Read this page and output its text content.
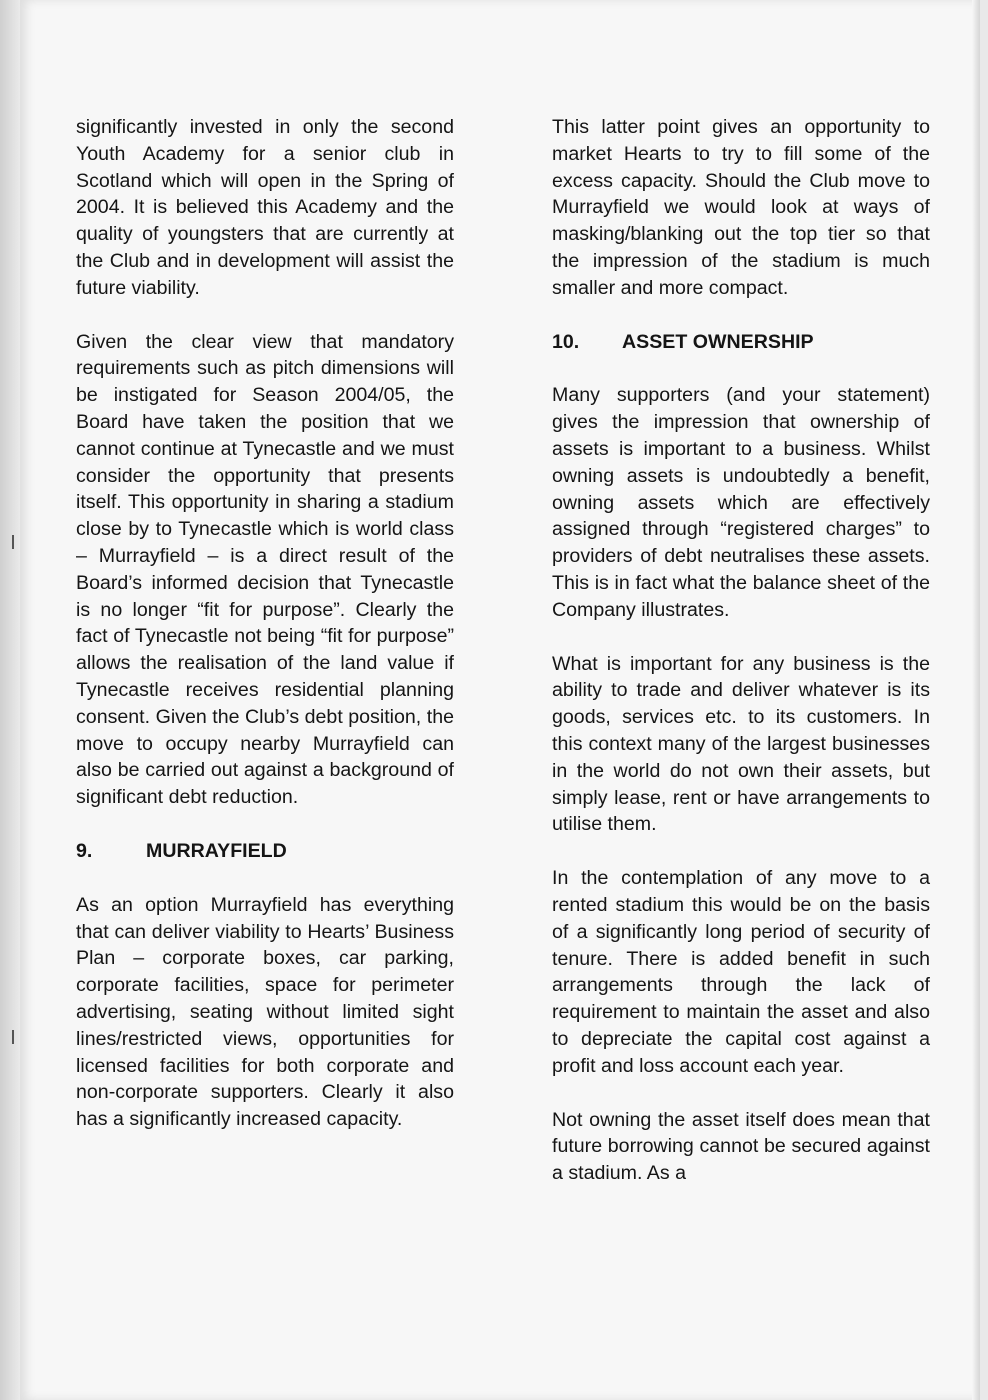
significantly invested in only the second Youth Academy for a senior club in Scotland which will open in the Spring of 2004. It is believed this Academy and the quality of youngsters that are currently at the Club and in development will assist the future viability.

Given the clear view that mandatory requirements such as pitch dimensions will be instigated for Season 2004/05, the Board have taken the position that we cannot continue at Tynecastle and we must consider the opportunity that presents itself. This opportunity in sharing a stadium close by to Tynecastle which is world class – Murrayfield – is a direct result of the Board’s informed decision that Tynecastle is no longer “fit for purpose”. Clearly the fact of Tynecastle not being “fit for purpose” allows the realisation of the land value if Tynecastle receives residential planning consent. Given the Club’s debt position, the move to occupy nearby Murrayfield can also be carried out against a background of significant debt reduction.

9.	MURRAYFIELD

As an option Murrayfield has everything that can deliver viability to Hearts’ Business Plan – corporate boxes, car parking, corporate facilities, space for perimeter advertising, seating without limited sight lines/restricted views, opportunities for licensed facilities for both corporate and non-corporate supporters. Clearly it also has a significantly increased capacity.

This latter point gives an opportunity to market Hearts to try to fill some of the excess capacity. Should the Club move to Murrayfield we would look at ways of masking/blanking out the top tier so that the impression of the stadium is much smaller and more compact.

10. ASSET OWNERSHIP

Many supporters (and your statement) gives the impression that ownership of assets is important to a business. Whilst owning assets is undoubtedly a benefit, owning assets which are effectively assigned through “registered charges” to providers of debt neutralises these assets. This is in fact what the balance sheet of the Company illustrates.

What is important for any business is the ability to trade and deliver whatever is its goods, services etc. to its customers. In this context many of the largest businesses in the world do not own their assets, but simply lease, rent or have arrangements to utilise them.

In the contemplation of any move to a rented stadium this would be on the basis of a significantly long period of security of tenure. There is added benefit in such arrangements through the lack of requirement to maintain the asset and also to depreciate the capital cost against a profit and loss account each year.

Not owning the asset itself does mean that future borrowing cannot be secured against a stadium. As a
